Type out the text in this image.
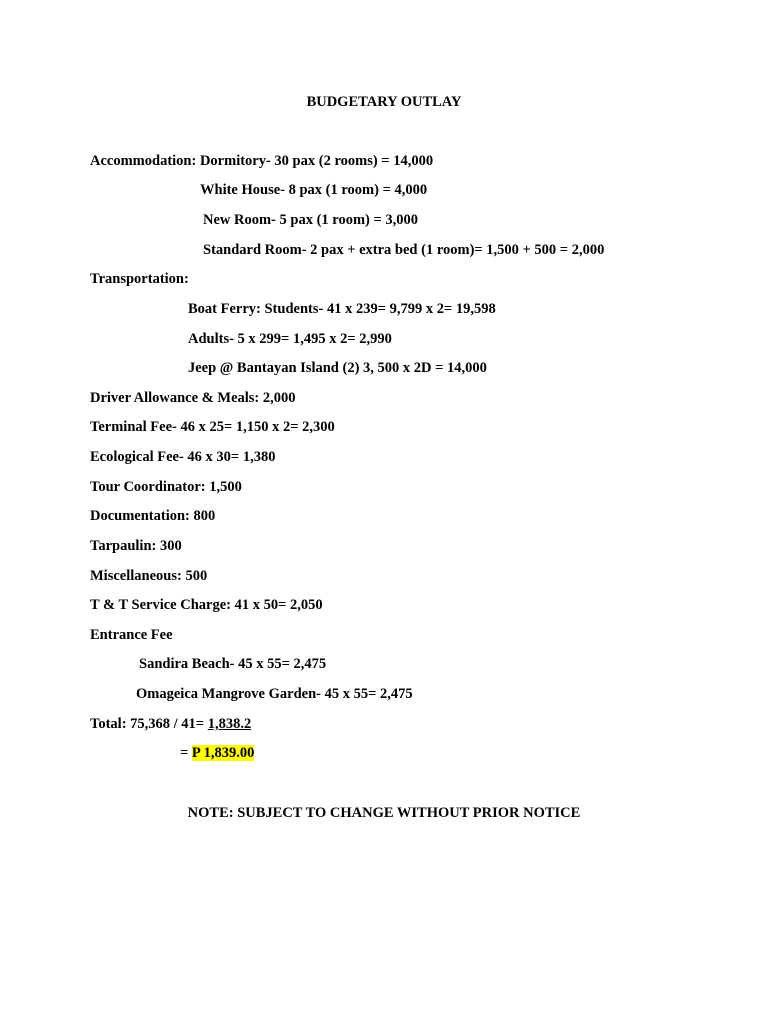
BUDGETARY OUTLAY
Accommodation: Dormitory- 30 pax (2 rooms) = 14,000
White House- 8 pax (1 room) = 4,000
New Room- 5 pax (1 room) = 3,000
Standard Room- 2 pax + extra bed (1 room)= 1,500 + 500 = 2,000
Transportation:
Boat Ferry: Students- 41 x 239= 9,799 x 2= 19,598
Adults- 5 x 299= 1,495 x 2= 2,990
Jeep @ Bantayan Island (2) 3, 500 x 2D = 14,000
Driver Allowance & Meals: 2,000
Terminal Fee- 46 x 25= 1,150 x 2= 2,300
Ecological Fee- 46 x 30= 1,380
Tour Coordinator: 1,500
Documentation: 800
Tarpaulin: 300
Miscellaneous: 500
T & T Service Charge: 41 x 50= 2,050
Entrance Fee
Sandira Beach- 45 x 55= 2,475
Omageica Mangrove Garden- 45 x 55= 2,475
Total: 75,368 / 41= 1,838.2
= P 1,839.00
NOTE: SUBJECT TO CHANGE WITHOUT PRIOR NOTICE
